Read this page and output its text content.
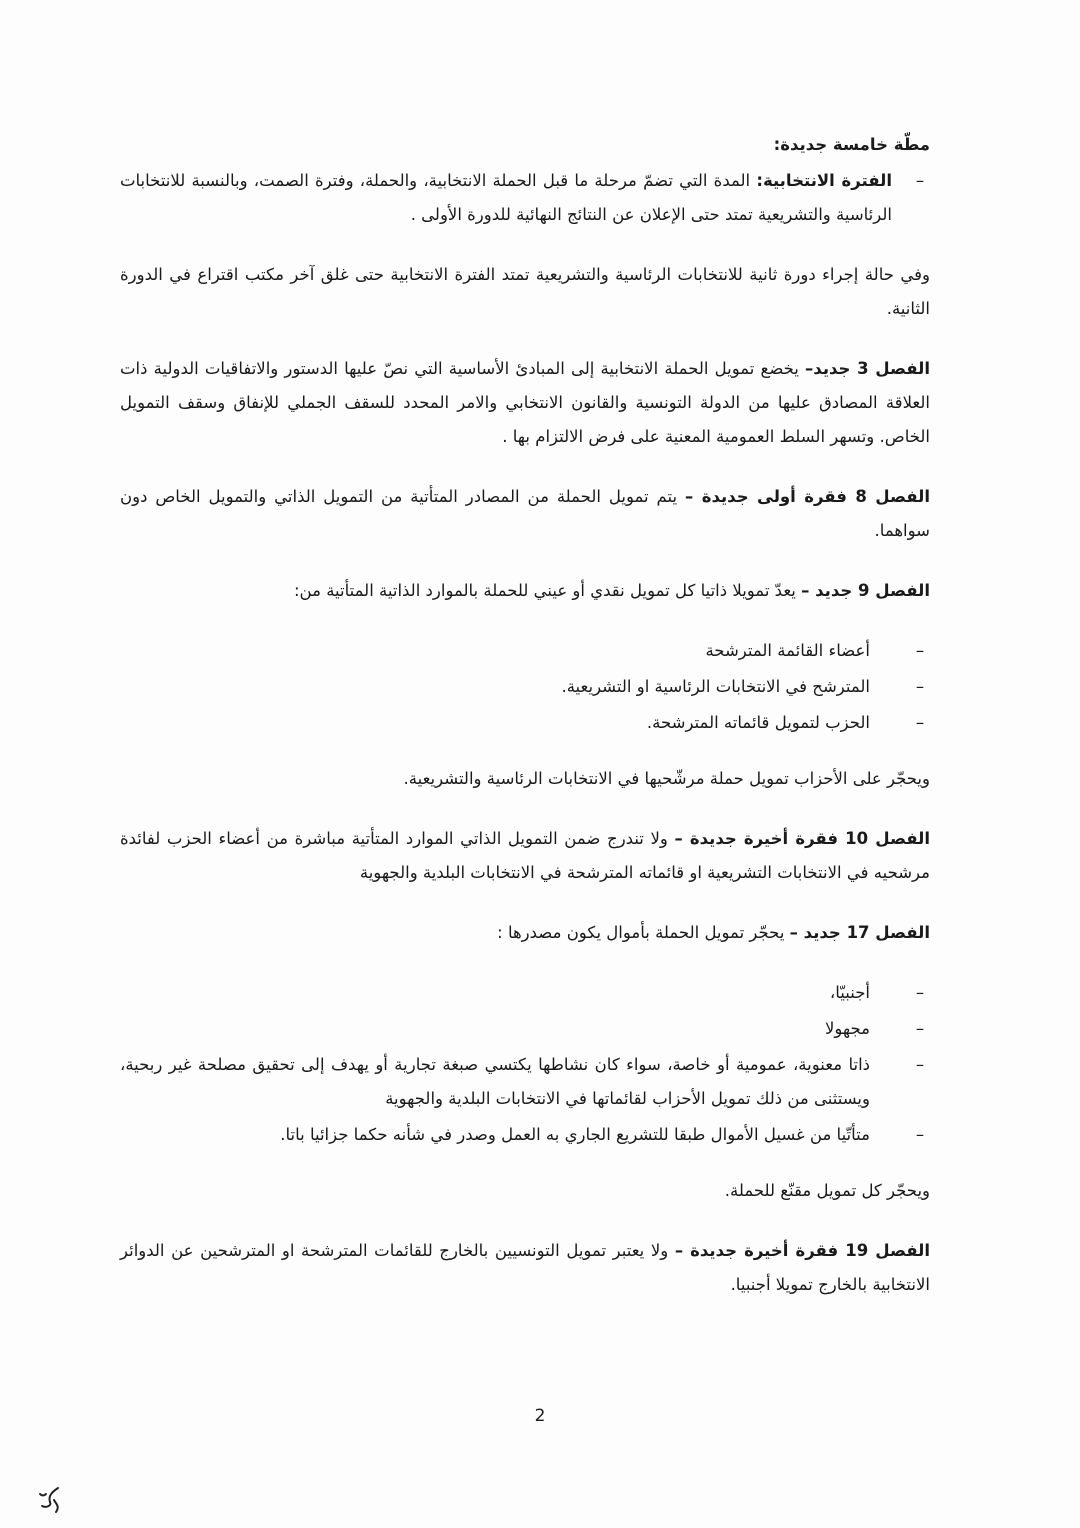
مطّة خامسة جديدة:

–
الفترة الانتخابية: المدة التي تضمّ مرحلة ما قبل الحملة الانتخابية، والحملة، وفترة الصمت، وبالنسبة للانتخابات الرئاسية والتشريعية تمتد حتى الإعلان عن النتائج النهائية للدورة الأولى .

وفي حالة إجراء دورة ثانية للانتخابات الرئاسية والتشريعية تمتد الفترة الانتخابية حتى غلق آخر مكتب اقتراع في الدورة الثانية.

الفصل 3 جديد– يخضع تمويل الحملة الانتخابية إلى المبادئ الأساسية التي نصّ عليها الدستور والاتفاقيات الدولية ذات العلاقة المصادق عليها من الدولة التونسية والقانون الانتخابي والامر المحدد للسقف الجملي للإنفاق وسقف التمويل الخاص. وتسهر السلط العمومية المعنية على فرض الالتزام بها .

الفصل 8 فقرة أولى جديدة – يتم تمويل الحملة من المصادر المتأتية من التمويل الذاتي والتمويل الخاص دون سواهما.

الفصل 9 جديد – يعدّ تمويلا ذاتيا كل تمويل نقدي أو عيني للحملة بالموارد الذاتية المتأتية من:

–
أعضاء القائمة المترشحة
–
المترشح في الانتخابات الرئاسية او التشريعية.
–
الحزب لتمويل قائماته المترشحة.

ويحجّر على الأحزاب تمويل حملة مرشّحيها في الانتخابات الرئاسية والتشريعية.

الفصل 10 فقرة أخيرة جديدة – ولا تندرج ضمن التمويل الذاتي الموارد المتأتية مباشرة من أعضاء الحزب لفائدة مرشحيه في الانتخابات التشريعية او قائماته المترشحة في الانتخابات البلدية والجهوية

الفصل 17 جديد – يحجّر تمويل الحملة بأموال يكون مصدرها :

–
أجنبيّا،
–
مجهولا
–
ذاتا معنوية، عمومية أو خاصة، سواء كان نشاطها يكتسي صبغة تجارية أو يهدف إلى تحقيق مصلحة غير ربحية، ويستثنى من ذلك تمويل الأحزاب لقائماتها في الانتخابات البلدية والجهوية
–
متأتّيا من غسيل الأموال طبقا للتشريع الجاري به العمل وصدر في شأنه حكما جزائيا باتا.

ويحجّر كل تمويل مقنّع للحملة.

الفصل 19 فقرة أخيرة جديدة – ولا يعتبر تمويل التونسيين بالخارج للقائمات المترشحة او المترشحين عن الدوائر الانتخابية بالخارج تمويلا أجنبيا.

2
